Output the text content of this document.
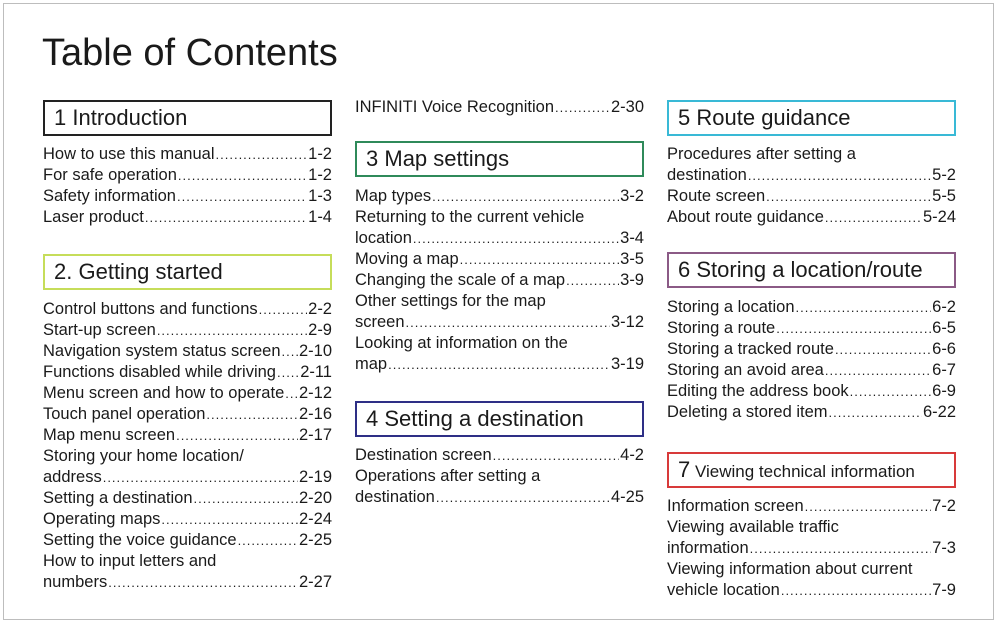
Table of Contents
1 Introduction
2. Getting started
3 Map settings
4 Setting a destination
5 Route guidance
6 Storing a location/route
7 Viewing technical information
How to use this manual .....	1-2
For safe operation .....	1-2
Safety information .....	1-3
Laser product .....	1-4
Control buttons and functions .....	2-2
Start-up screen .....	2-9
Navigation system status screen ..... 2-10
Functions disabled while driving ..... 2-11
Menu screen and how to operate ..... 2-12
Touch panel operation .....	2-16
Map menu screen .....	2-17
Storing your home location/
address .....	2-19
Setting a destination .....	2-20
Operating maps .....	2-24
Setting the voice guidance .....	2-25
How to input letters and
numbers .....	2-27
INFINITI Voice Recognition .....	2-30
Map types .....	3-2
Returning to the current vehicle
location .....	3-4
Moving a map .....	3-5
Changing the scale of a map .....	3-9
Other settings for the map
screen .....	3-12
Looking at information on the
map .....	3-19
Destination screen .....	4-2
Operations after setting a
destination .....	4-25
Procedures after setting a
destination .....	5-2
Route screen .....	5-5
About route guidance .....	5-24
Storing a location .....	6-2
Storing a route .....	6-5
Storing a tracked route .....	6-6
Storing an avoid area .....	6-7
Editing the address book .....	6-9
Deleting a stored item .....	6-22
Information screen .....	7-2
Viewing available traffic
information .....	7-3
Viewing information about current
vehicle location .....	7-9
